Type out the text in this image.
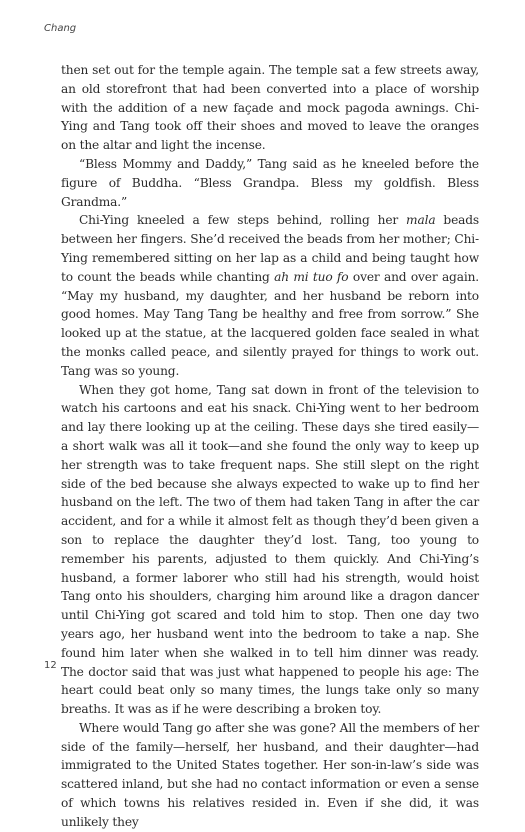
Chang

then set out for the temple again. The temple sat a few streets away, an old storefront that had been converted into a place of worship with the addition of a new façade and mock pagoda awnings. Chi-Ying and Tang took off their shoes and moved to leave the oranges on the altar and light the incense.

“Bless Mommy and Daddy,” Tang said as he kneeled before the figure of Buddha. “Bless Grandpa. Bless my goldfish. Bless Grandma.”

Chi-Ying kneeled a few steps behind, rolling her mala beads between her fingers. She’d received the beads from her mother; Chi-Ying remembered sitting on her lap as a child and being taught how to count the beads while chanting ah mi tuo fo over and over again. “May my husband, my daughter, and her husband be reborn into good homes. May Tang Tang be healthy and free from sorrow.” She looked up at the statue, at the lacquered golden face sealed in what the monks called peace, and silently prayed for things to work out. Tang was so young.

When they got home, Tang sat down in front of the television to watch his cartoons and eat his snack. Chi-Ying went to her bedroom and lay there looking up at the ceiling. These days she tired easily—a short walk was all it took—and she found the only way to keep up her strength was to take frequent naps. She still slept on the right side of the bed because she always expected to wake up to find her husband on the left. The two of them had taken Tang in after the car accident, and for a while it almost felt as though they’d been given a son to replace the daughter they’d lost. Tang, too young to remember his parents, adjusted to them quickly. And Chi-Ying’s husband, a former laborer who still had his strength, would hoist Tang onto his shoulders, charging him around like a dragon dancer until Chi-Ying got scared and told him to stop. Then one day two years ago, her husband went into the bedroom to take a nap. She found him later when she walked in to tell him dinner was ready. The doctor said that was just what happened to people his age: The heart could beat only so many times, the lungs take only so many breaths. It was as if he were describing a broken toy.

Where would Tang go after she was gone? All the members of her side of the family—herself, her husband, and their daughter—had immigrated to the United States together. Her son-in-law’s side was scattered inland, but she had no contact information or even a sense of which towns his relatives resided in. Even if she did, it was unlikely they

12
